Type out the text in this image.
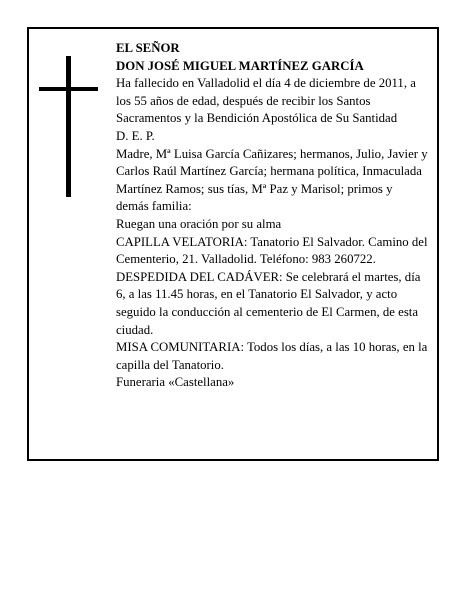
EL SEÑOR

DON JOSÉ MIGUEL MARTÍNEZ GARCÍA

Ha fallecido en Valladolid el día 4 de diciembre de 2011, a los 55 años de edad, después de recibir los Santos Sacramentos y la Bendición Apostólica de Su Santidad

D. E. P.

Madre, Mª Luisa García Cañizares; hermanos, Julio, Javier y Carlos Raúl Martínez García; hermana política, Inmaculada Martínez Ramos; sus tías, Mª Paz y Marisol; primos y demás familia:

Ruegan una oración por su alma

CAPILLA VELATORIA: Tanatorio El Salvador. Camino del Cementerio, 21. Valladolid. Teléfono: 983 260722.

DESPEDIDA DEL CADÁVER: Se celebrará el martes, día 6, a las 11.45 horas, en el Tanatorio El Salvador, y acto seguido la conducción al cementerio de El Carmen, de esta ciudad.

MISA COMUNITARIA: Todos los días, a las 10 horas, en la capilla del Tanatorio.

Funeraria «Castellana»
